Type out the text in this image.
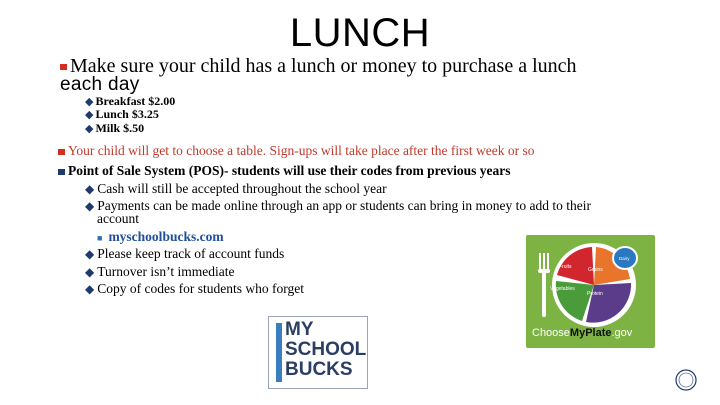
LUNCH
Make sure your child has a lunch or money to purchase a lunch
each day
◆ Breakfast $2.00
◆ Lunch $3.25
◆ Milk $.50
Your child will get to choose a table. Sign-ups will take place after the first week or so
Point of Sale System (POS)- students will use their codes from previous years
◆ Cash will still be accepted throughout the school year
◆ Payments can be made online through an app or students can bring in money to add to their
account
■ myschoolbucks.com
◆ Please keep track of account funds
◆ Turnover isn’t immediate
◆ Copy of codes for students who forget
Fruits	Grains
Vegetables
Protein
Dairy
ChooseMyPlate.gov
MY
SCHOOL
BUCKS
